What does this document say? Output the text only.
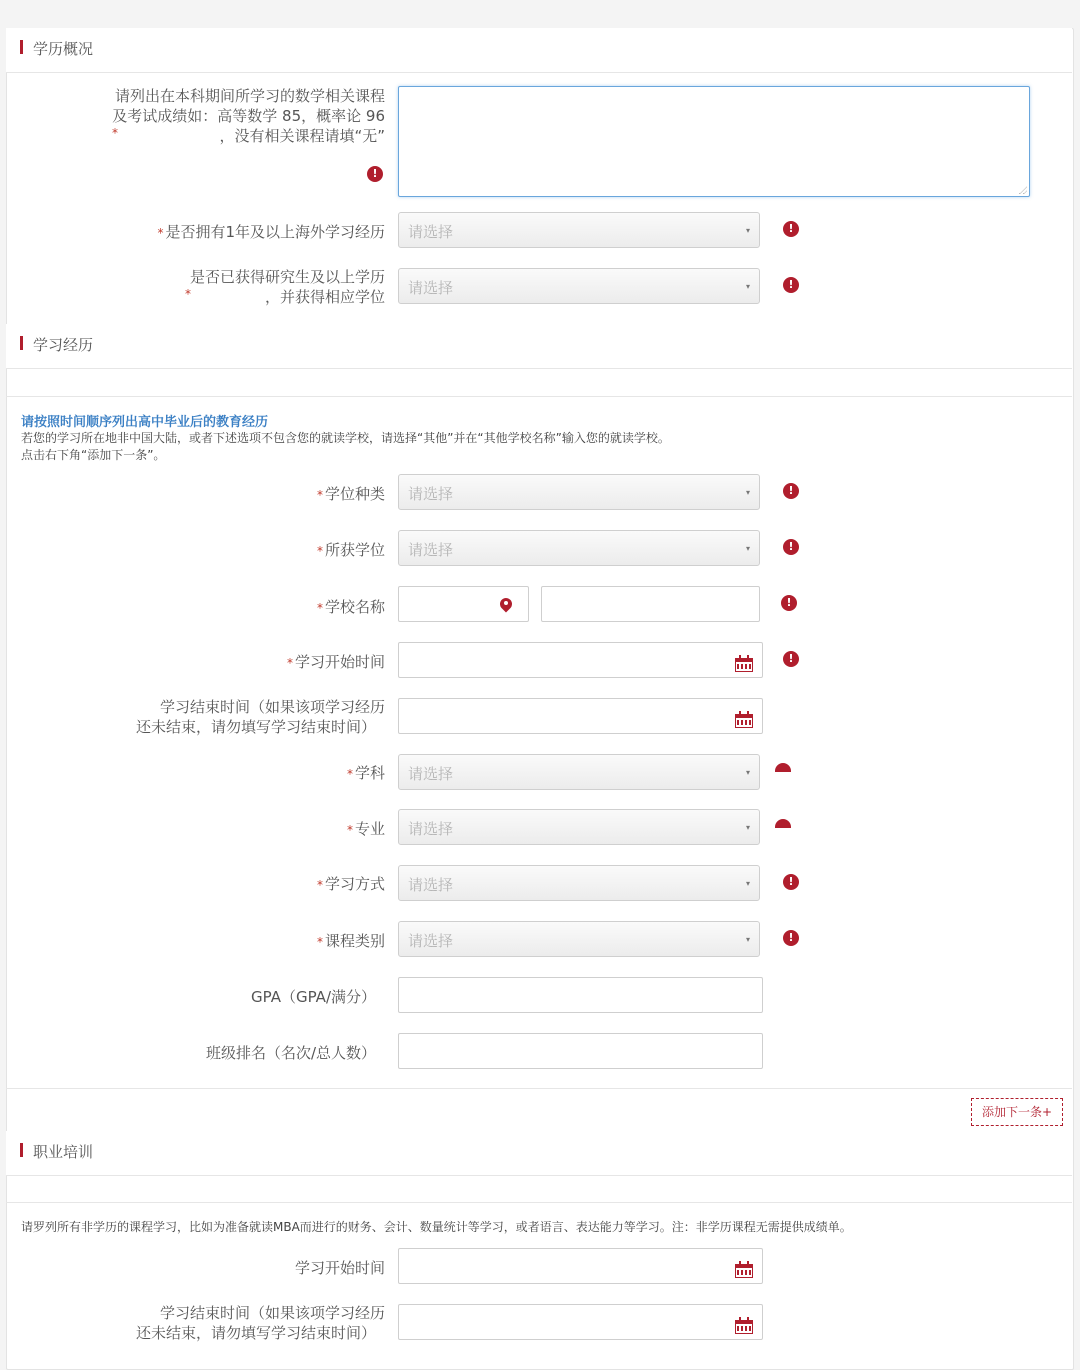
学历概况
请列出在本科期间所学习的数学相关课程
及考试成绩如：高等数学 85，概率论 96
，没有相关课程请填“无”
*
!
* 是否拥有1年及以上海外学习经历 请选择	▾	!
是否已获得研究生及以上学历
，并获得相应学位
*	请选择	▾	!
学习经历
请按照时间顺序列出高中毕业后的教育经历
若您的学习所在地非中国大陆，或者下述选项不包含您的就读学校，请选择“其他”并在“其他学校名称”输入您的就读学校。
点击右下角“添加下一条”。
* 学位种类 请选择	▾	!
* 所获学位 请选择	▾	!
* 学校名称	!
* 学习开始时间	!
学习结束时间（如果该项学习经历
还未结束，请勿填写学习结束时间）
* 学科 请选择	▾
* 专业 请选择	▾
* 学习方式 请选择	▾	!
* 课程类别 请选择	▾	!
GPA（GPA/满分）
班级排名（名次/总人数）
添加下一条+
职业培训
请罗列所有非学历的课程学习，比如为准备就读MBA而进行的财务、会计、数量统计等学习，或者语言、表达能力等学习。注：非学历课程无需提供成绩单。
学习开始时间
学习结束时间（如果该项学习经历
还未结束，请勿填写学习结束时间）
